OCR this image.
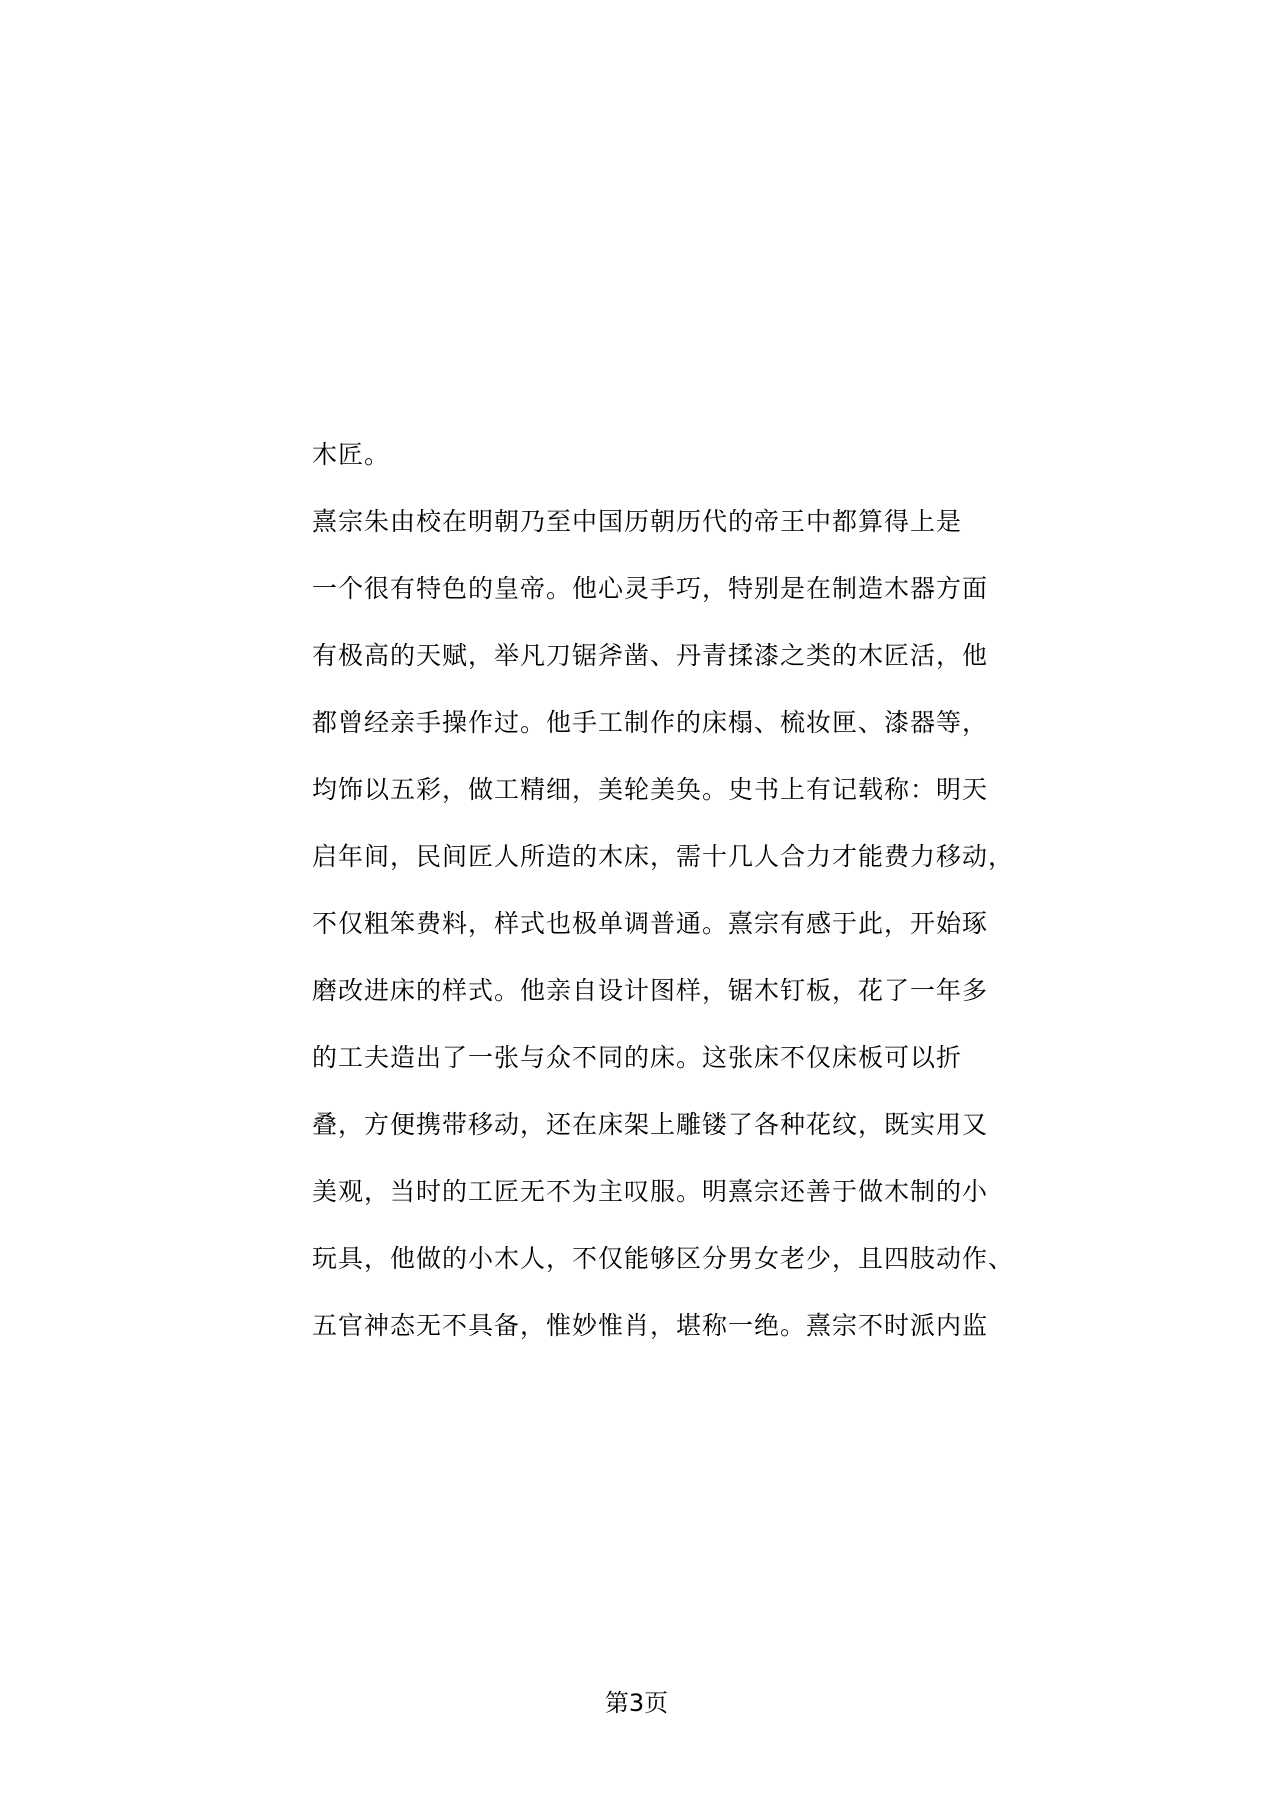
木匠。
熹宗朱由校在明朝乃至中国历朝历代的帝王中都算得上是
一个很有特色的皇帝。他心灵手巧，特别是在制造木器方面
有极高的天赋，举凡刀锯斧凿、丹青揉漆之类的木匠活，他
都曾经亲手操作过。他手工制作的床榻、梳妆匣、漆器等，
均饰以五彩，做工精细，美轮美奂。史书上有记载称：明天
启年间，民间匠人所造的木床，需十几人合力才能费力移动，
不仅粗笨费料，样式也极单调普通。熹宗有感于此，开始琢
磨改进床的样式。他亲自设计图样，锯木钉板，花了一年多
的工夫造出了一张与众不同的床。这张床不仅床板可以折
叠，方便携带移动，还在床架上雕镂了各种花纹，既实用又
美观，当时的工匠无不为主叹服。明熹宗还善于做木制的小
玩具，他做的小木人，不仅能够区分男女老少，且四肢动作、
五官神态无不具备，惟妙惟肖，堪称一绝。熹宗不时派内监
第3页
